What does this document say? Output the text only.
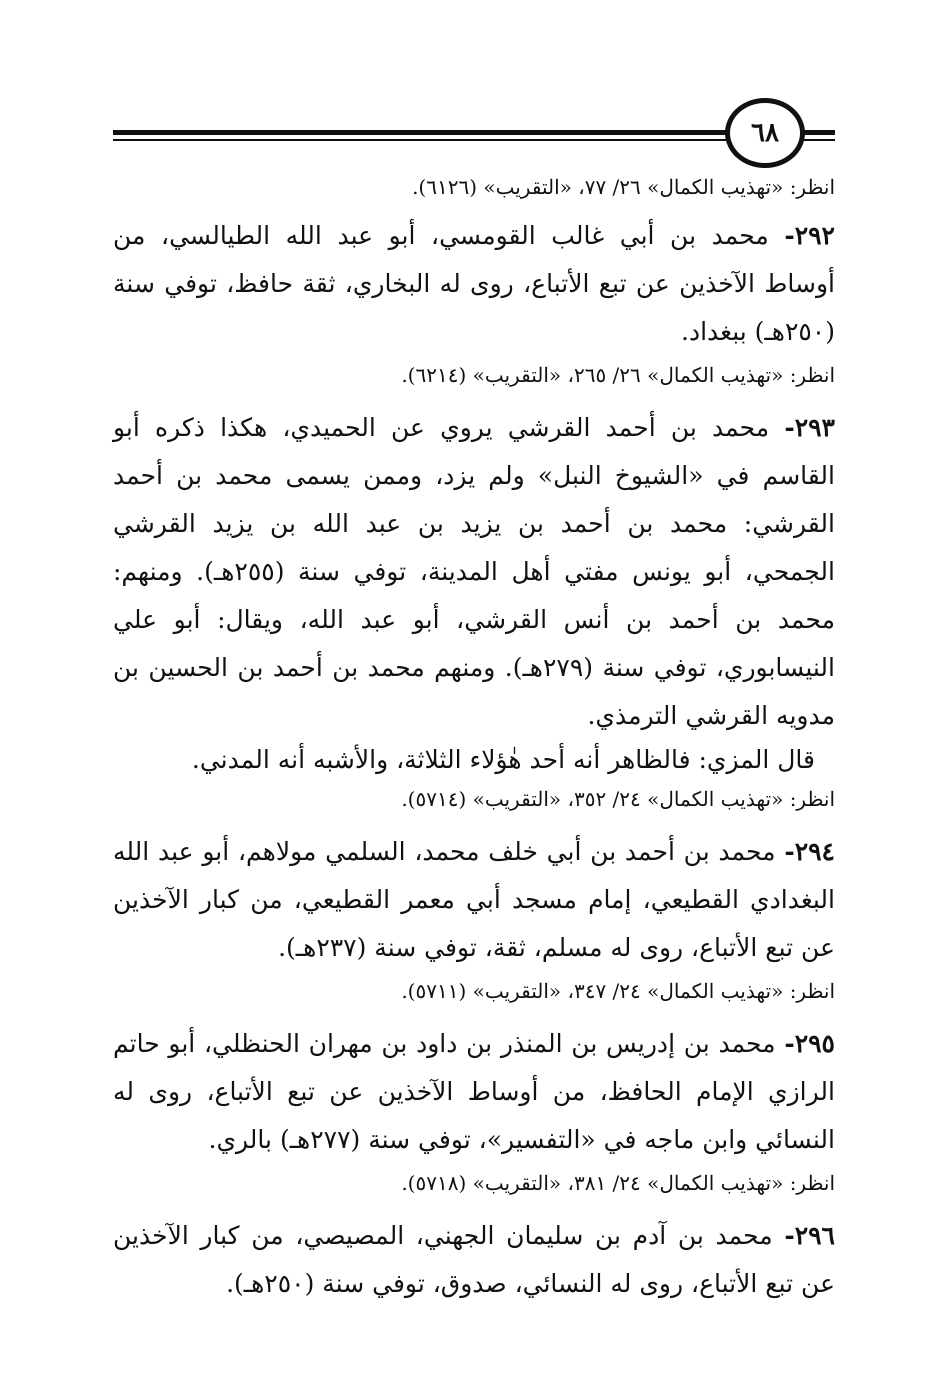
٦٨

انظر: «تهذيب الكمال» ٢٦/ ٧٧، «التقريب» (٦١٢٦).

٢٩٢- محمد بن أبي غالب القومسي، أبو عبد الله الطيالسي، من أوساط الآخذين عن تبع الأتباع، روى له البخاري، ثقة حافظ، توفي سنة (٢٥٠هـ) ببغداد.

انظر: «تهذيب الكمال» ٢٦/ ٢٦٥، «التقريب» (٦٢١٤).

٢٩٣- محمد بن أحمد القرشي يروي عن الحميدي، هكذا ذكره أبو القاسم في «الشيوخ النبل» ولم يزد، وممن يسمى محمد بن أحمد القرشي: محمد بن أحمد بن يزيد بن عبد الله بن يزيد القرشي الجمحي، أبو يونس مفتي أهل المدينة، توفي سنة (٢٥٥هـ). ومنهم: محمد بن أحمد بن أنس القرشي، أبو عبد الله، ويقال: أبو علي النيسابوري، توفي سنة (٢٧٩هـ). ومنهم محمد بن أحمد بن الحسين بن مدويه القرشي الترمذي.

قال المزي: فالظاهر أنه أحد هٰؤلاء الثلاثة، والأشبه أنه المدني.

انظر: «تهذيب الكمال» ٢٤/ ٣٥٢، «التقريب» (٥٧١٤).

٢٩٤- محمد بن أحمد بن أبي خلف محمد، السلمي مولاهم، أبو عبد الله البغدادي القطيعي، إمام مسجد أبي معمر القطيعي، من كبار الآخذين عن تبع الأتباع، روى له مسلم، ثقة، توفي سنة (٢٣٧هـ).

انظر: «تهذيب الكمال» ٢٤/ ٣٤٧، «التقريب» (٥٧١١).

٢٩٥- محمد بن إدريس بن المنذر بن داود بن مهران الحنظلي، أبو حاتم الرازي الإمام الحافظ، من أوساط الآخذين عن تبع الأتباع، روى له النسائي وابن ماجه في «التفسير»، توفي سنة (٢٧٧هـ) بالري.

انظر: «تهذيب الكمال» ٢٤/ ٣٨١، «التقريب» (٥٧١٨).

٢٩٦- محمد بن آدم بن سليمان الجهني، المصيصي، من كبار الآخذين عن تبع الأتباع، روى له النسائي، صدوق، توفي سنة (٢٥٠هـ).
